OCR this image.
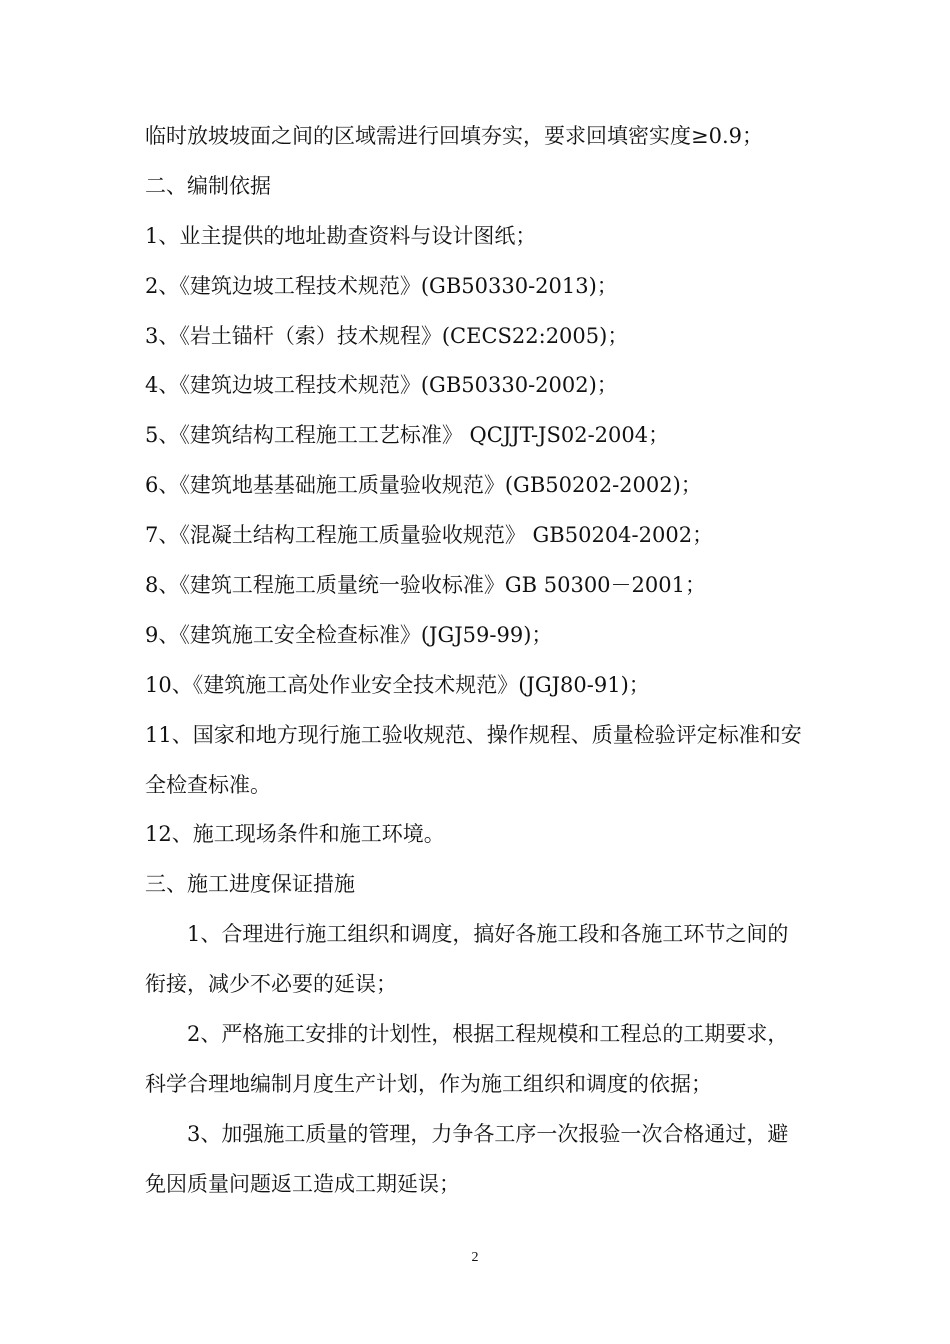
临时放坡坡面之间的区域需进行回填夯实，要求回填密实度≥0.9；
二、编制依据
1、业主提供的地址勘查资料与设计图纸；
2、《建筑边坡工程技术规范》(GB50330-2013)；
3、《岩土锚杆（索）技术规程》(CECS22:2005)；
4、《建筑边坡工程技术规范》(GB50330-2002)；
5、《建筑结构工程施工工艺标准》 QCJJT-JS02-2004；
6、《建筑地基基础施工质量验收规范》(GB50202-2002)；
7、《混凝土结构工程施工质量验收规范》 GB50204-2002；
8、《建筑工程施工质量统一验收标准》GB 50300－2001；
9、《建筑施工安全检查标准》(JGJ59-99)；
10、《建筑施工高处作业安全技术规范》(JGJ80-91)；
11、国家和地方现行施工验收规范、操作规程、质量检验评定标准和安
全检查标准。
12、施工现场条件和施工环境。
三、施工进度保证措施
1、合理进行施工组织和调度，搞好各施工段和各施工环节之间的
衔接，减少不必要的延误；
2、严格施工安排的计划性，根据工程规模和工程总的工期要求，
科学合理地编制月度生产计划，作为施工组织和调度的依据；
3、加强施工质量的管理，力争各工序一次报验一次合格通过，避
免因质量问题返工造成工期延误；
2
